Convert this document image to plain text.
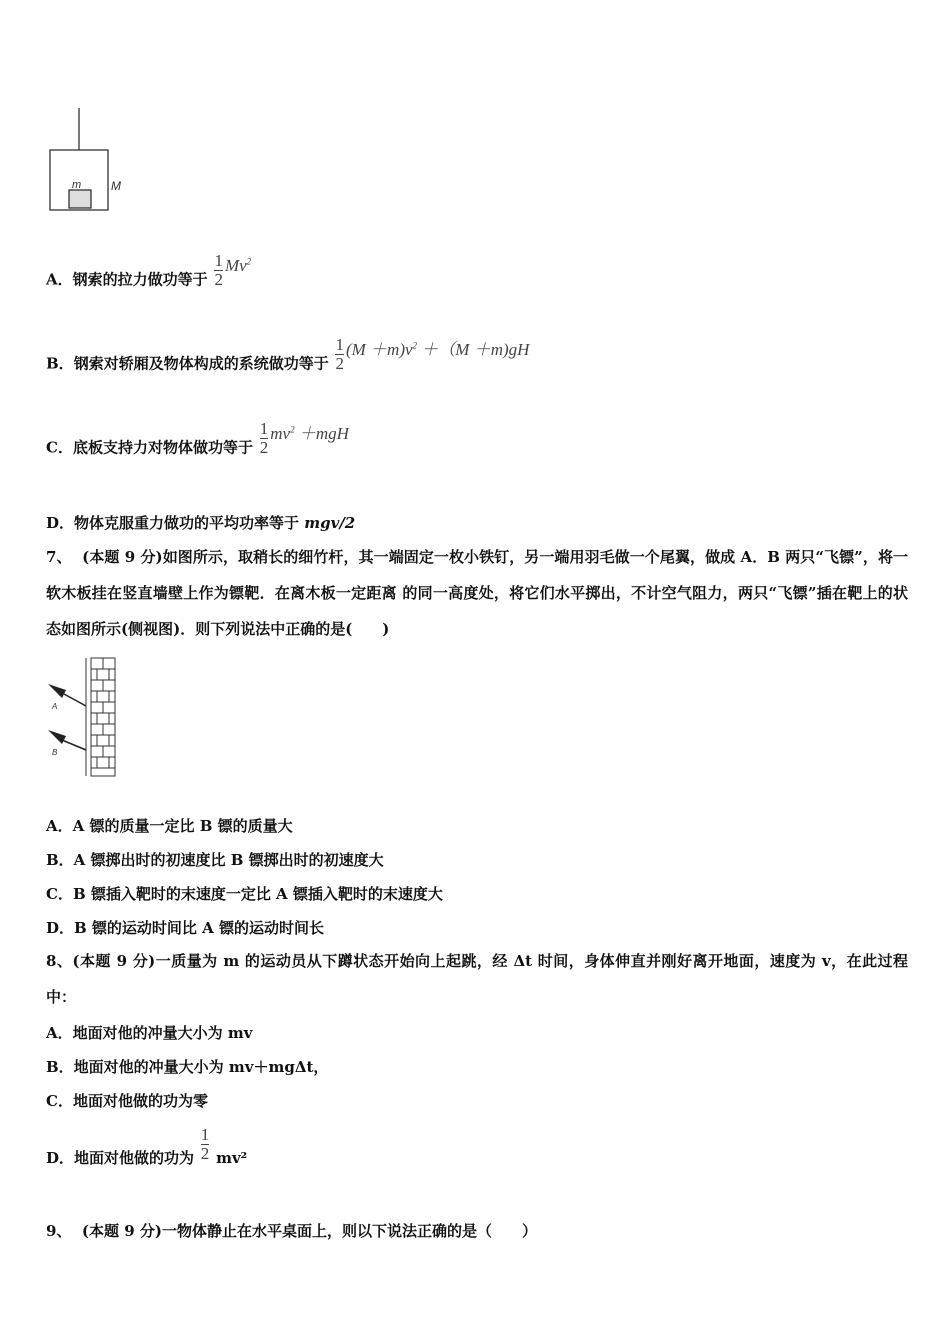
m M
A．钢索的拉力做功等于 $\frac{1}{2} Mv^2$
B．钢索对轿厢及物体构成的系统做功等于 $\frac{1}{2} (M +m)v^2 +(M +m)gH$
C．底板支持力对物体做功等于 $\frac{1}{2} mv^2 +mgH$
D．物体克服重力做功的平均功率等于 mgv/2
7、 (本题 9 分)如图所示，取稍长的细竹杆，其一端固定一枚小铁钉，另一端用羽毛做一个尾翼，做成 A．B 两只“飞镖”，将一软木板挂在竖直墙壁上作为镖靶．在离木板一定距离 的同一高度处，将它们水平掷出，不计空气阻力，两只“飞镖”插在靶上的状 态如图所示(侧视图)．则下列说法中正确的是(　　)
A
B
A．A 镖的质量一定比 B 镖的质量大
B．A 镖掷出时的初速度比 B 镖掷出时的初速度大
C．B 镖插入靶时的末速度一定比 A 镖插入靶时的末速度大
D．B 镖的运动时间比 A 镖的运动时间长
8、(本题 9 分)一质量为 m 的运动员从下蹲状态开始向上起跳，经 Δt 时间，身体伸直并刚好离开地面，速度为 v，在此过程中：
A．地面对他的冲量大小为 mv
B．地面对他的冲量大小为 mv＋mgΔt，
C．地面对他做的功为零
D．地面对他做的功为 $\frac{1}{2} mv^2$
9、 (本题 9 分)一物体静止在水平桌面上，则以下说法正确的是（　　）
